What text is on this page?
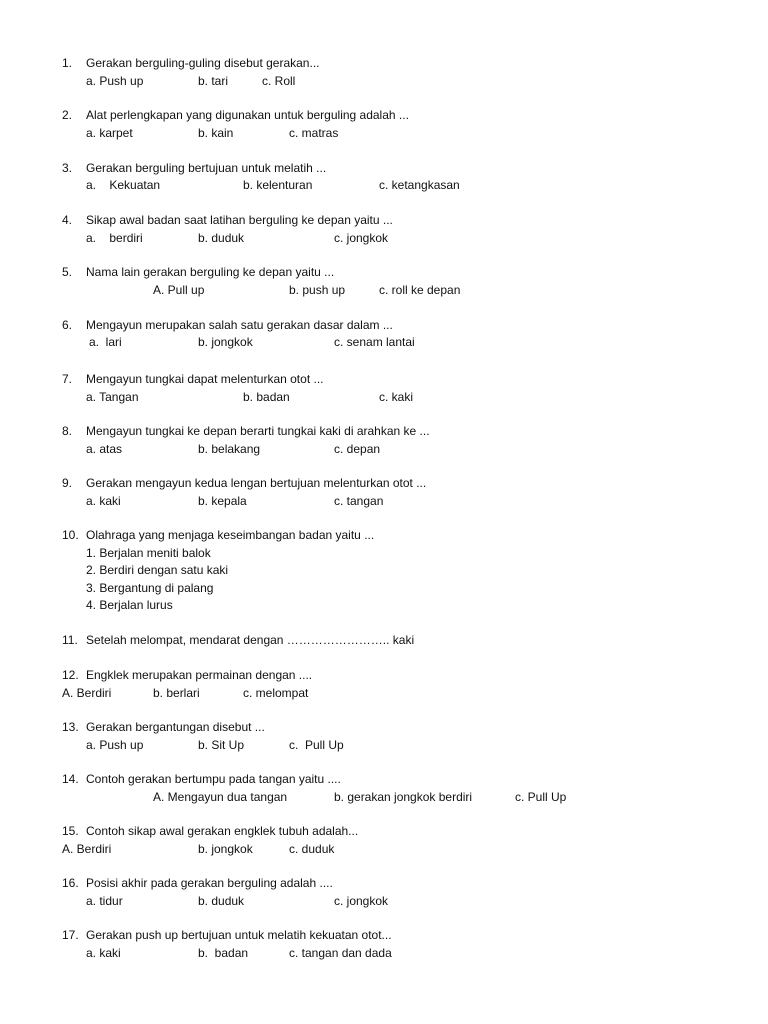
1. Gerakan berguling-guling disebut gerakan...
a. Push up	b. tari	c. Roll
2. Alat perlengkapan yang digunakan untuk berguling adalah ...
a. karpet	b. kain	c. matras
3. Gerakan berguling bertujuan untuk melatih ...
a.    Kekuatan	b. kelenturan	c. ketangkasan
4. Sikap awal badan saat latihan berguling ke depan yaitu ...
a.    berdiri	b. duduk	c. jongkok
5. Nama lain gerakan berguling ke depan yaitu ...
A. Pull up	b. push up	c. roll ke depan
6. Mengayun merupakan salah satu gerakan dasar dalam ...
a.  lari	b. jongkok	c. senam lantai
7. Mengayun tungkai dapat melenturkan otot ...
a. Tangan	b. badan	c. kaki
8. Mengayun tungkai ke depan berarti tungkai kaki di arahkan ke ...
a. atas	b. belakang	c. depan
9. Gerakan mengayun kedua lengan bertujuan melenturkan otot ...
a. kaki	b. kepala	c. tangan
10. Olahraga yang menjaga keseimbangan badan yaitu ...
1. Berjalan meniti balok
2. Berdiri dengan satu kaki
3. Bergantung di palang
4. Berjalan lurus
11. Setelah melompat, mendarat dengan …………………….. kaki
12. Engklek merupakan permainan dengan ....
A. Berdiri	b. berlari	c. melompat
13. Gerakan bergantungan disebut ...
a. Push up	b. Sit Up	c.  Pull Up
14. Contoh gerakan bertumpu pada tangan yaitu ....
A. Mengayun dua tangan	b. gerakan jongkok berdiri	c. Pull Up
15. Contoh sikap awal gerakan engklek tubuh adalah...
A. Berdiri	b. jongkok	c. duduk
16. Posisi akhir pada gerakan berguling adalah ....
a. tidur	b. duduk	c. jongkok
17. Gerakan push up bertujuan untuk melatih kekuatan otot...
a. kaki	b.  badan	c. tangan dan dada
